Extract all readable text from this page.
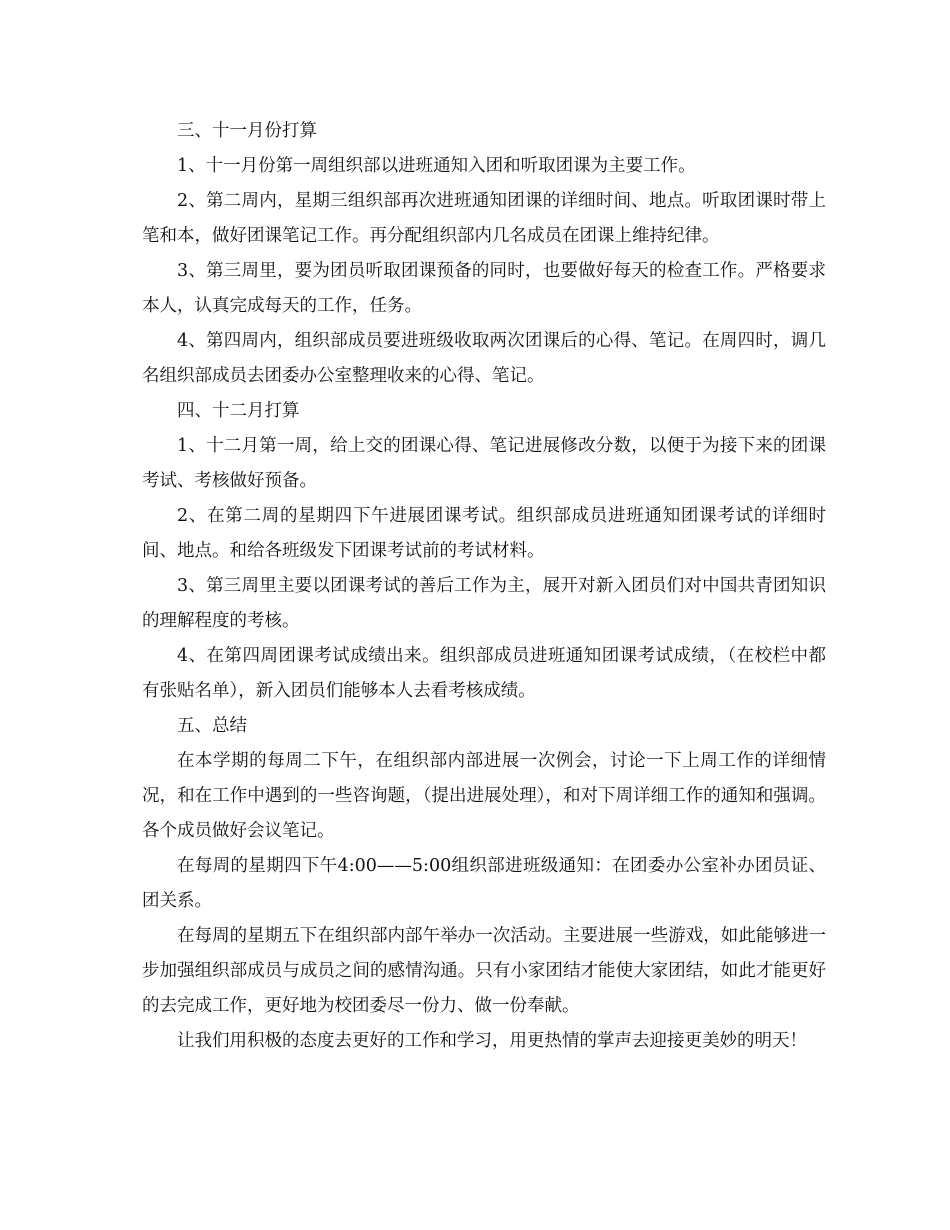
三、十一月份打算

1、十一月份第一周组织部以进班通知入团和听取团课为主要工作。

2、第二周内，星期三组织部再次进班通知团课的详细时间、地点。听取团课时带上笔和本，做好团课笔记工作。再分配组织部内几名成员在团课上维持纪律。

3、第三周里，要为团员听取团课预备的同时，也要做好每天的检查工作。严格要求本人，认真完成每天的工作，任务。

4、第四周内，组织部成员要进班级收取两次团课后的心得、笔记。在周四时，调几名组织部成员去团委办公室整理收来的心得、笔记。

四、十二月打算

1、十二月第一周，给上交的团课心得、笔记进展修改分数，以便于为接下来的团课考试、考核做好预备。

2、在第二周的星期四下午进展团课考试。组织部成员进班通知团课考试的详细时间、地点。和给各班级发下团课考试前的考试材料。

3、第三周里主要以团课考试的善后工作为主，展开对新入团员们对中国共青团知识的理解程度的考核。

4、在第四周团课考试成绩出来。组织部成员进班通知团课考试成绩，（在校栏中都有张贴名单），新入团员们能够本人去看考核成绩。

五、总结

在本学期的每周二下午，在组织部内部进展一次例会，讨论一下上周工作的详细情况，和在工作中遇到的一些咨询题，（提出进展处理），和对下周详细工作的通知和强调。各个成员做好会议笔记。

在每周的星期四下午4:00——5:00组织部进班级通知：在团委办公室补办团员证、团关系。

在每周的星期五下在组织部内部午举办一次活动。主要进展一些游戏，如此能够进一步加强组织部成员与成员之间的感情沟通。只有小家团结才能使大家团结，如此才能更好的去完成工作，更好地为校团委尽一份力、做一份奉献。

让我们用积极的态度去更好的工作和学习，用更热情的掌声去迎接更美妙的明天！
